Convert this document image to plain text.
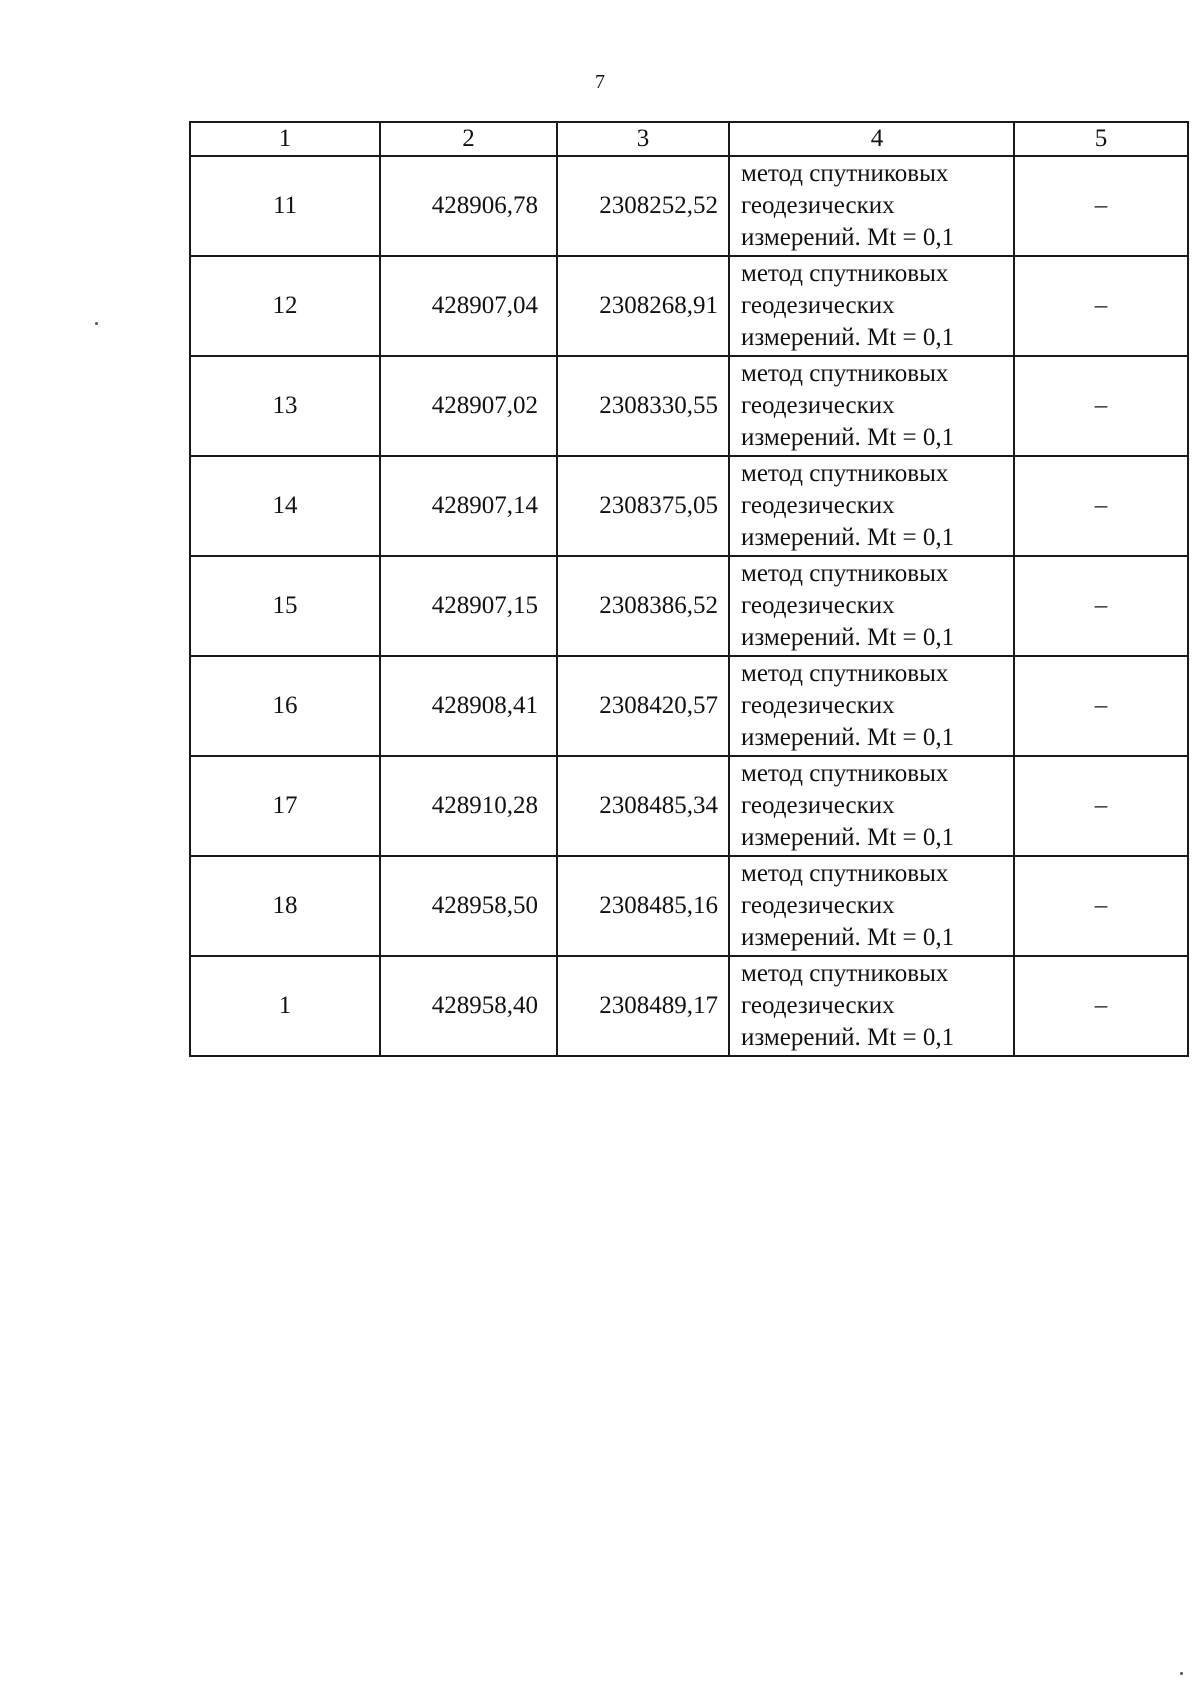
7
1	2	3	4	5
11	428906,78	2308252,52	метод спутниковых
геодезических
измерений. Mt = 0,1	–
12	428907,04	2308268,91	метод спутниковых
геодезических
измерений. Mt = 0,1	–
13	428907,02	2308330,55	метод спутниковых
геодезических
измерений. Mt = 0,1	–
14	428907,14	2308375,05	метод спутниковых
геодезических
измерений. Mt = 0,1	–
15	428907,15	2308386,52	метод спутниковых
геодезических
измерений. Mt = 0,1	–
16	428908,41	2308420,57	метод спутниковых
геодезических
измерений. Mt = 0,1	–
17	428910,28	2308485,34	метод спутниковых
геодезических
измерений. Mt = 0,1	–
18	428958,50	2308485,16	метод спутниковых
геодезических
измерений. Mt = 0,1	–
1	428958,40	2308489,17	метод спутниковых
геодезических
измерений. Mt = 0,1	–
